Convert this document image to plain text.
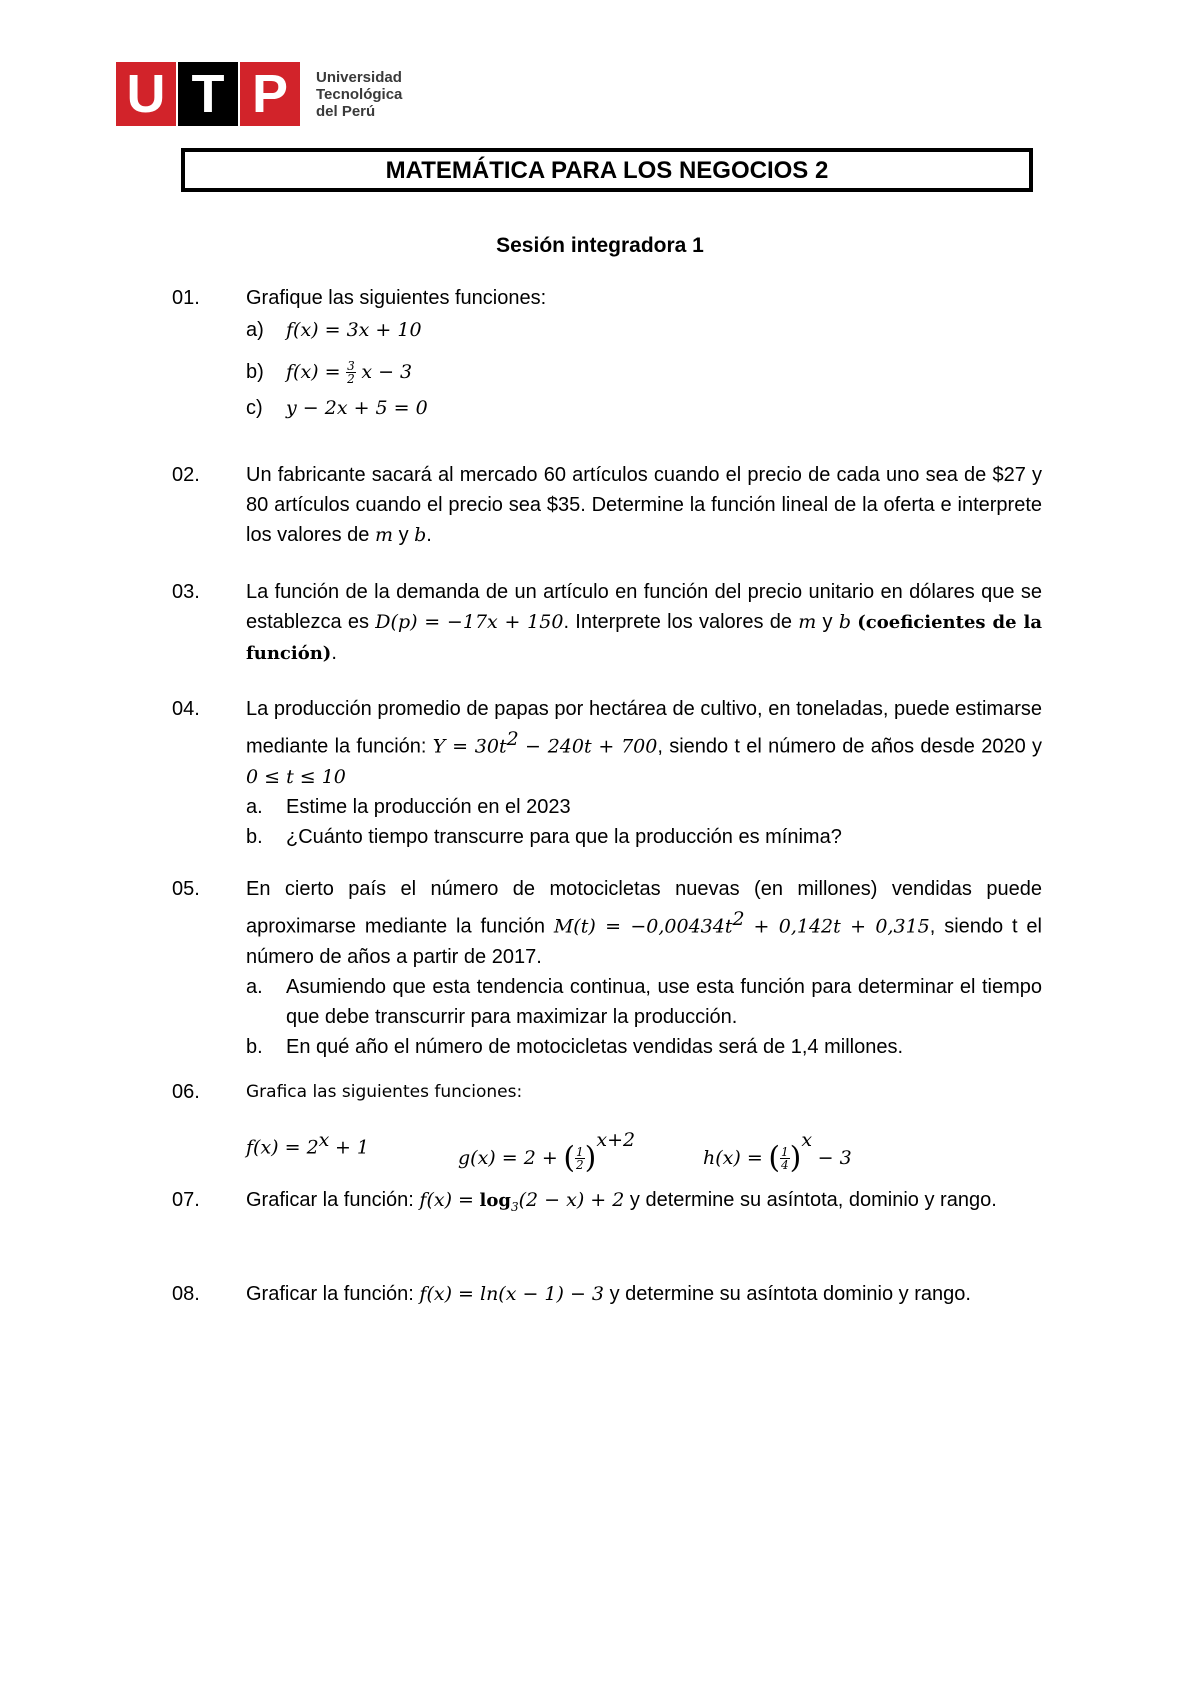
U T P	Universidad
Tecnológica
del Perú
MATEMÁTICA PARA LOS NEGOCIOS 2
Sesión integradora 1
01.	Grafique las siguientes funciones:
a) f(x) = 3x + 10
b) $f(x) = \frac{3}{2}$ x − 3
c) y − 2x + 5 = 0
02.	Un fabricante sacará al mercado 60 artículos cuando el precio de cada uno sea de $27 y 80 artículos cuando el precio sea $35. Determine la función lineal de la oferta e interprete los valores de m y b.
03.	La función de la demanda de un artículo en función del precio unitario en dólares que se establezca es D(p) = −17x + 150. Interprete los valores de m y b (coeficientes de la función).
04.	La producción promedio de papas por hectárea de cultivo, en toneladas, puede estimarse mediante la función: $Y = 30t^2 - 240t + 700$, siendo t el número de años desde 2020 y 0 ≤ t ≤ 10
a. Estime la producción en el 2023
b. ¿Cuánto tiempo transcurre para que la producción es mínima?
05.	En cierto país el número de motocicletas nuevas (en millones) vendidas puede aproximarse mediante la función $M(t) = -0,00434t^2 + 0,142t + 0,315$, siendo t el número de años a partir de 2017.
a. Asumiendo que esta tendencia continua, use esta función para determinar el tiempo que debe transcurrir para maximizar la producción.
b. En qué año el número de motocicletas vendidas será de 1,4 millones.
06.	Grafica las siguientes funciones:
$f(x) = 2^x + 1$	g(x) = 2 + ( $\frac{1}{2} )^{x+2}$
h(x) = ( $\frac{1}{4} )^x - 3$
07.	Graficar la función: $f(x) = \log_3(2 - x) + 2$ y determine su asíntota, dominio y rango.
08.	Graficar la función: f(x) = ln(x − 1) − 3 y determine su asíntota dominio y rango.
